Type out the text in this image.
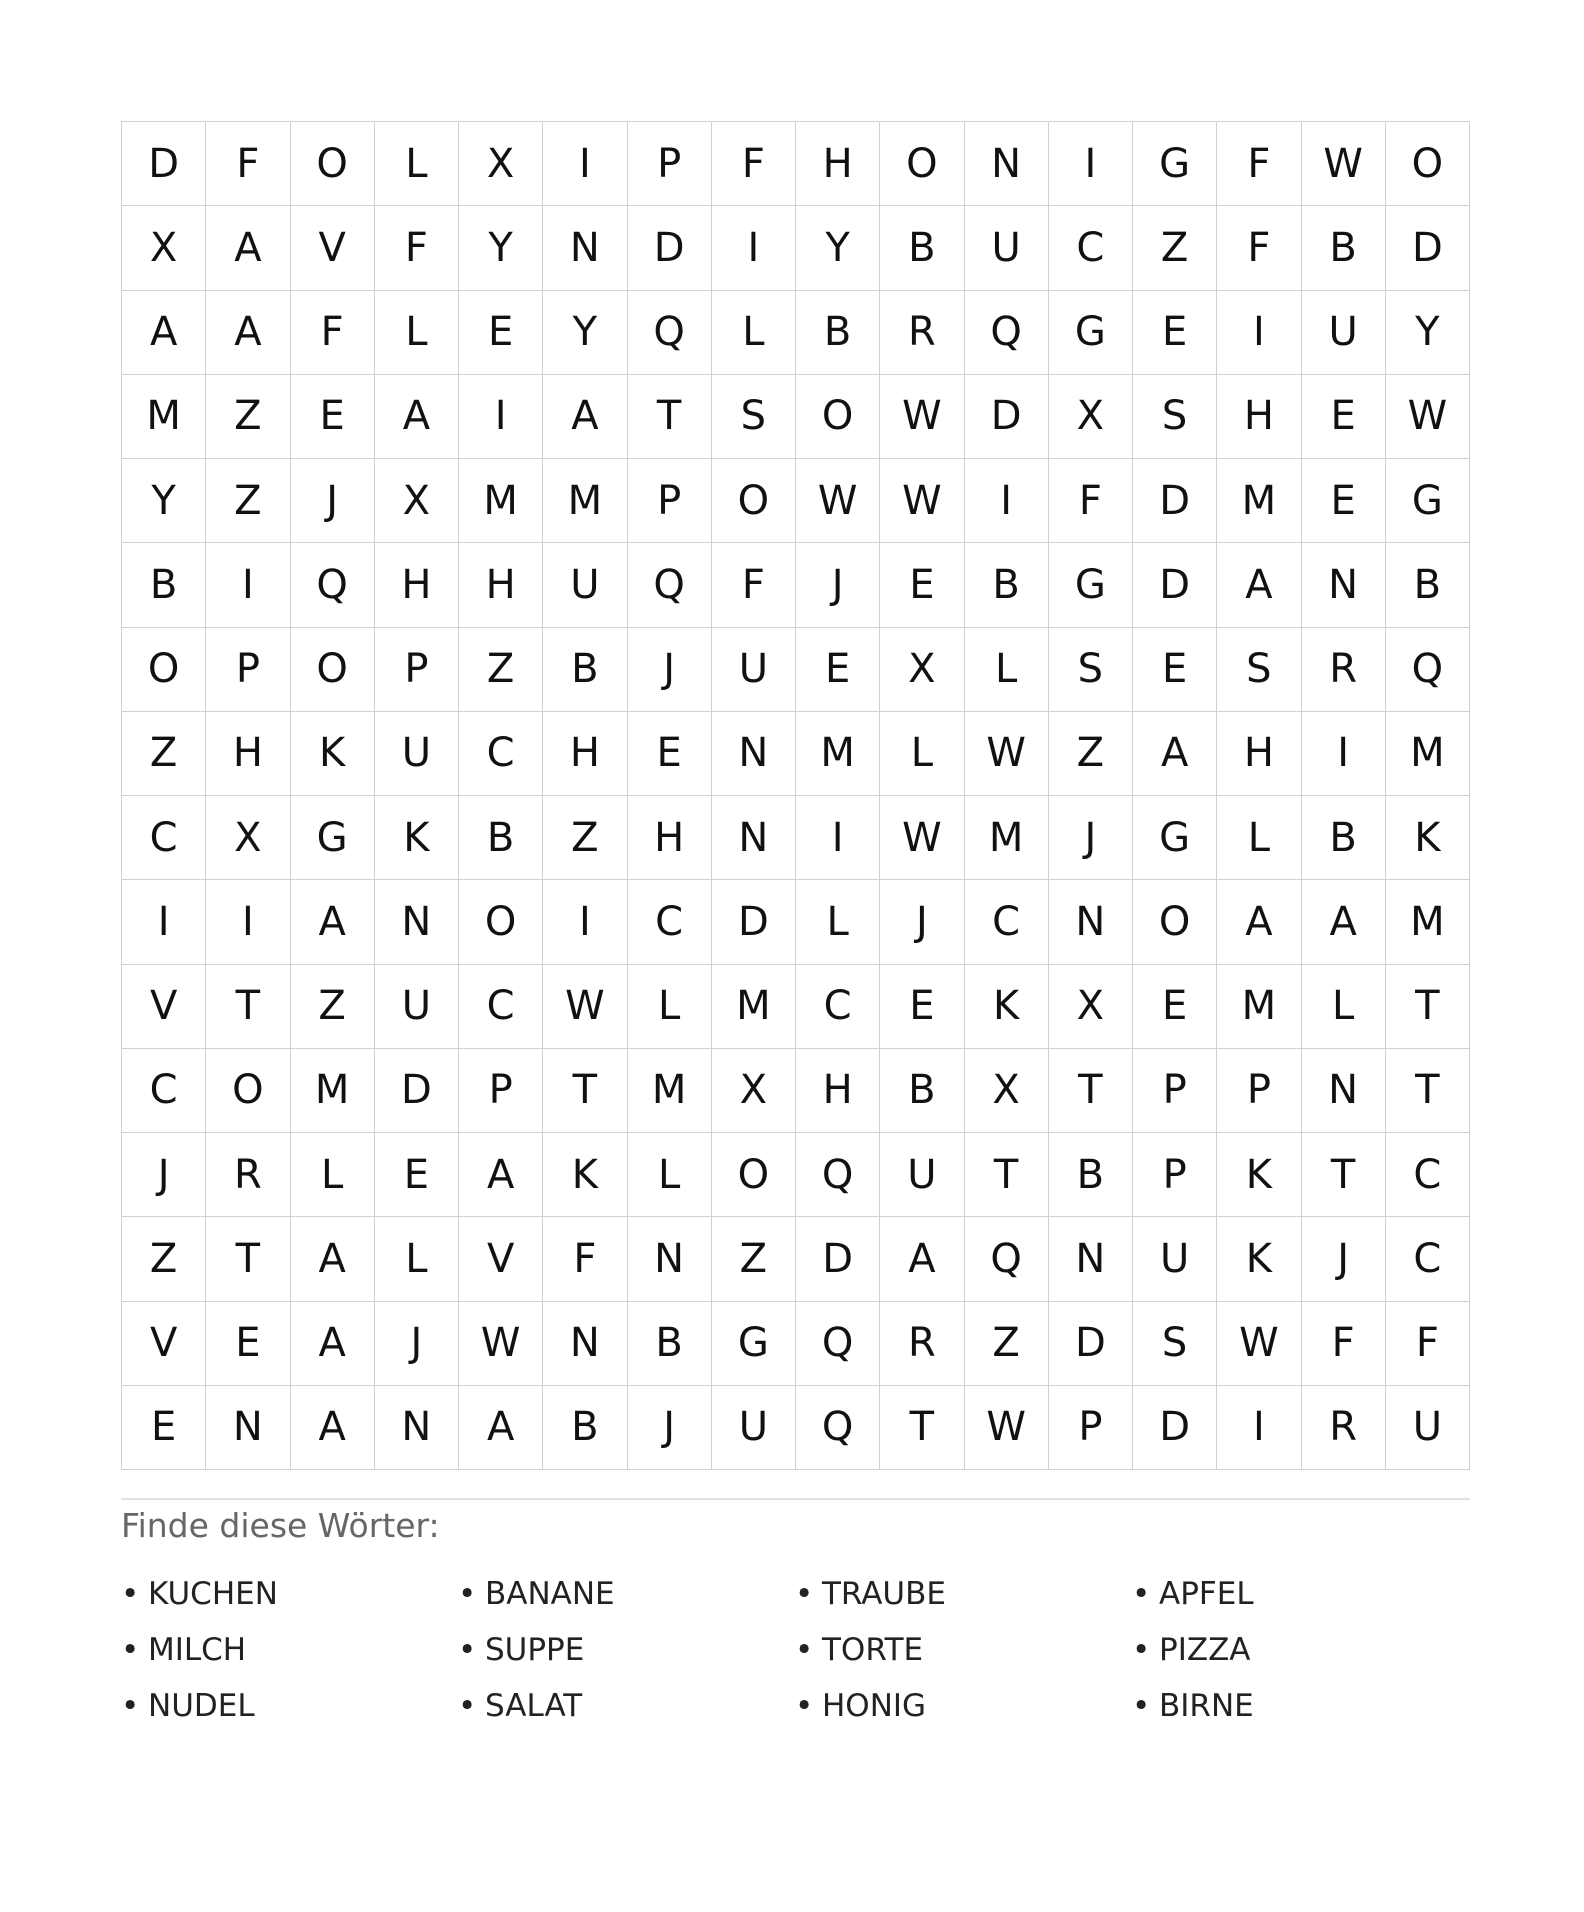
D	F	O	L	X	I	P	F	H	O	N	I	G	F	W	O
X	A	V	F	Y	N	D	I	Y	B	U	C	Z	F	B	D
A	A	F	L	E	Y	Q	L	B	R	Q	G	E	I	U	Y
M	Z	E	A	I	A	T	S	O	W	D	X	S	H	E	W
Y	Z	J	X	M	M	P	O	W	W	I	F	D	M	E	G
B	I	Q	H	H	U	Q	F	J	E	B	G	D	A	N	B
O	P	O	P	Z	B	J	U	E	X	L	S	E	S	R	Q
Z	H	K	U	C	H	E	N	M	L	W	Z	A	H	I	M
C	X	G	K	B	Z	H	N	I	W	M	J	G	L	B	K
I	I	A	N	O	I	C	D	L	J	C	N	O	A	A	M
V	T	Z	U	C	W	L	M	C	E	K	X	E	M	L	T
C	O	M	D	P	T	M	X	H	B	X	T	P	P	N	T
J	R	L	E	A	K	L	O	Q	U	T	B	P	K	T	C
Z	T	A	L	V	F	N	Z	D	A	Q	N	U	K	J	C
V	E	A	J	W	N	B	G	Q	R	Z	D	S	W	F	F
E	N	A	N	A	B	J	U	Q	T	W	P	D	I	R	U
Finde diese Wörter:
• KUCHEN	• BANANE	• TRAUBE	• APFEL
• MILCH	• SUPPE	• TORTE	• PIZZA
• NUDEL	• SALAT	• HONIG	• BIRNE
